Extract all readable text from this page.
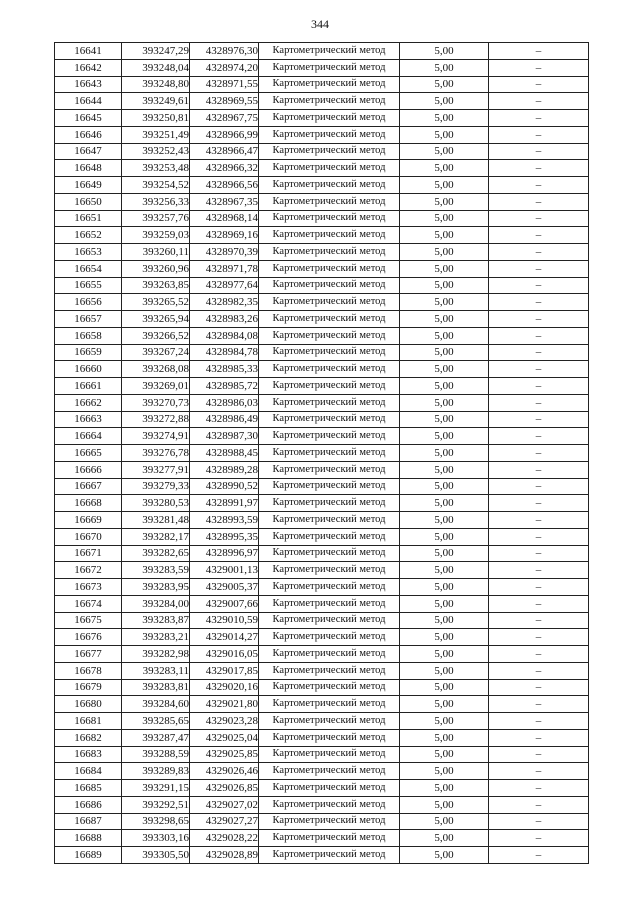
344
16641	393247,29	4328976,30	Картометрический метод	5,00	–
16642	393248,04	4328974,20	Картометрический метод	5,00	–
16643	393248,80	4328971,55	Картометрический метод	5,00	–
16644	393249,61	4328969,55	Картометрический метод	5,00	–
16645	393250,81	4328967,75	Картометрический метод	5,00	–
16646	393251,49	4328966,99	Картометрический метод	5,00	–
16647	393252,43	4328966,47	Картометрический метод	5,00	–
16648	393253,48	4328966,32	Картометрический метод	5,00	–
16649	393254,52	4328966,56	Картометрический метод	5,00	–
16650	393256,33	4328967,35	Картометрический метод	5,00	–
16651	393257,76	4328968,14	Картометрический метод	5,00	–
16652	393259,03	4328969,16	Картометрический метод	5,00	–
16653	393260,11	4328970,39	Картометрический метод	5,00	–
16654	393260,96	4328971,78	Картометрический метод	5,00	–
16655	393263,85	4328977,64	Картометрический метод	5,00	–
16656	393265,52	4328982,35	Картометрический метод	5,00	–
16657	393265,94	4328983,26	Картометрический метод	5,00	–
16658	393266,52	4328984,08	Картометрический метод	5,00	–
16659	393267,24	4328984,78	Картометрический метод	5,00	–
16660	393268,08	4328985,33	Картометрический метод	5,00	–
16661	393269,01	4328985,72	Картометрический метод	5,00	–
16662	393270,73	4328986,03	Картометрический метод	5,00	–
16663	393272,88	4328986,49	Картометрический метод	5,00	–
16664	393274,91	4328987,30	Картометрический метод	5,00	–
16665	393276,78	4328988,45	Картометрический метод	5,00	–
16666	393277,91	4328989,28	Картометрический метод	5,00	–
16667	393279,33	4328990,52	Картометрический метод	5,00	–
16668	393280,53	4328991,97	Картометрический метод	5,00	–
16669	393281,48	4328993,59	Картометрический метод	5,00	–
16670	393282,17	4328995,35	Картометрический метод	5,00	–
16671	393282,65	4328996,97	Картометрический метод	5,00	–
16672	393283,59	4329001,13	Картометрический метод	5,00	–
16673	393283,95	4329005,37	Картометрический метод	5,00	–
16674	393284,00	4329007,66	Картометрический метод	5,00	–
16675	393283,87	4329010,59	Картометрический метод	5,00	–
16676	393283,21	4329014,27	Картометрический метод	5,00	–
16677	393282,98	4329016,05	Картометрический метод	5,00	–
16678	393283,11	4329017,85	Картометрический метод	5,00	–
16679	393283,81	4329020,16	Картометрический метод	5,00	–
16680	393284,60	4329021,80	Картометрический метод	5,00	–
16681	393285,65	4329023,28	Картометрический метод	5,00	–
16682	393287,47	4329025,04	Картометрический метод	5,00	–
16683	393288,59	4329025,85	Картометрический метод	5,00	–
16684	393289,83	4329026,46	Картометрический метод	5,00	–
16685	393291,15	4329026,85	Картометрический метод	5,00	–
16686	393292,51	4329027,02	Картометрический метод	5,00	–
16687	393298,65	4329027,27	Картометрический метод	5,00	–
16688	393303,16	4329028,22	Картометрический метод	5,00	–
16689	393305,50	4329028,89	Картометрический метод	5,00	–
